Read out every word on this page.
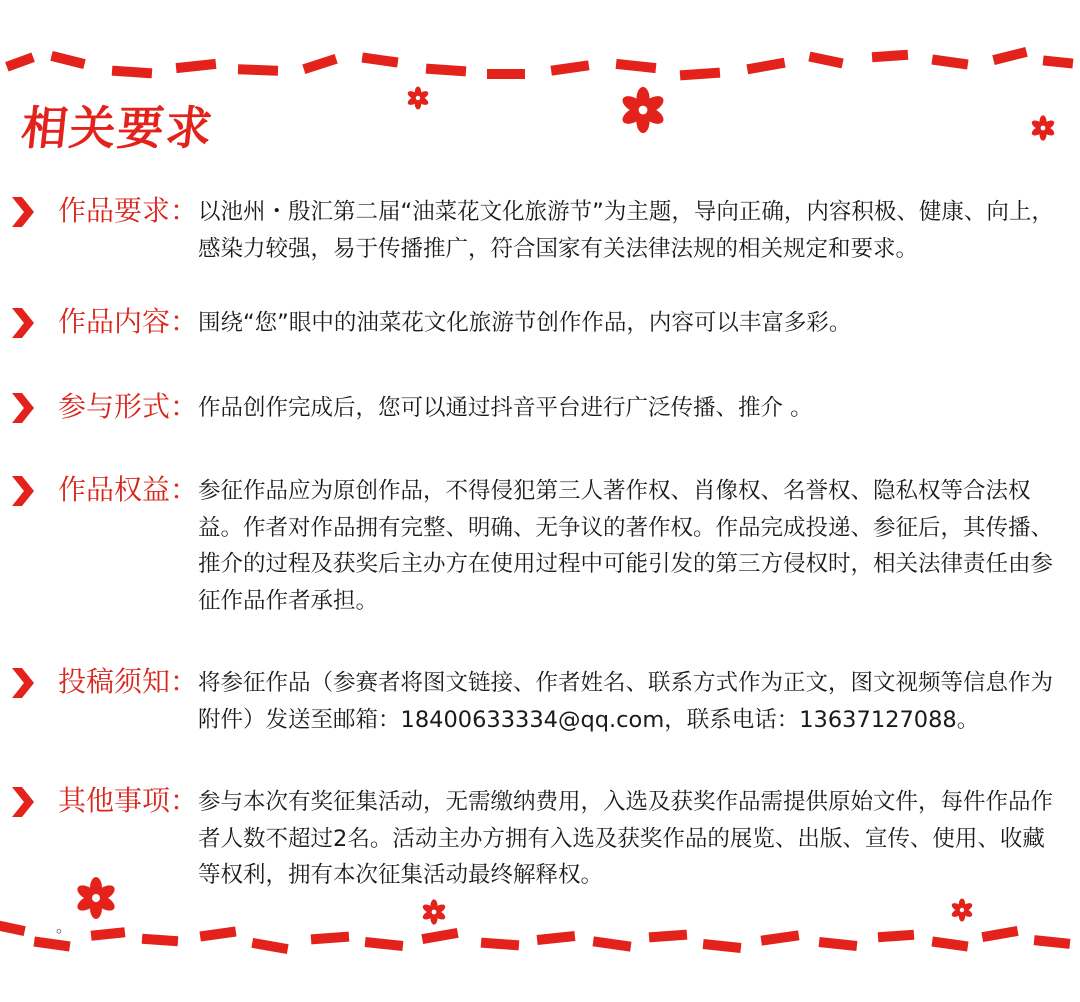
相关要求
作品要求： 以池州・殷汇第二届“油菜花文化旅游节”为主题，导向正确，内容积极、健康、向上，感染力较强，易于传播推广，符合国家有关法律法规的相关规定和要求。
作品内容： 围绕“您”眼中的油菜花文化旅游节创作作品，内容可以丰富多彩。
参与形式： 作品创作完成后，您可以通过抖音平台进行广泛传播、推介 。
作品权益： 参征作品应为原创作品，不得侵犯第三人著作权、肖像权、名誉权、隐私权等合法权益。作者对作品拥有完整、明确、无争议的著作权。作品完成投递、参征后，其传播、推介的过程及获奖后主办方在使用过程中可能引发的第三方侵权时，相关法律责任由参征作品作者承担。
投稿须知： 将参征作品（参赛者将图文链接、作者姓名、联系方式作为正文，图文视频等信息作为附件）发送至邮箱：18400633334@qq.com，联系电话：13637127088。
其他事项： 参与本次有奖征集活动，无需缴纳费用，入选及获奖作品需提供原始文件，每件作品作者人数不超过2名。活动主办方拥有入选及获奖作品的展览、出版、宣传、使用、收藏等权利，拥有本次征集活动最终解释权。
。
